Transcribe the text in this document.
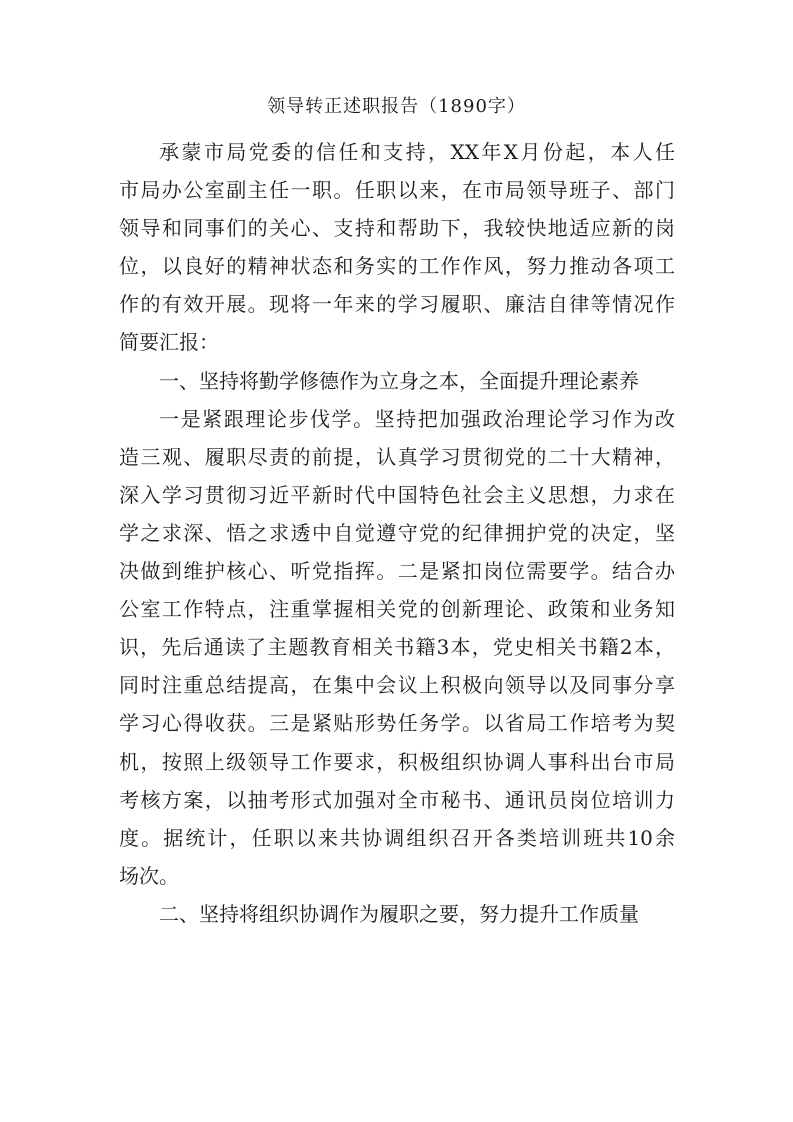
领导转正述职报告（1890字）
承蒙市局党委的信任和支持，XX年X月份起，本人任
市局办公室副主任一职。任职以来，在市局领导班子、部门
领导和同事们的关心、支持和帮助下，我较快地适应新的岗
位，以良好的精神状态和务实的工作作风，努力推动各项工
作的有效开展。现将一年来的学习履职、廉洁自律等情况作
简要汇报：
一、坚持将勤学修德作为立身之本，全面提升理论素养
一是紧跟理论步伐学。坚持把加强政治理论学习作为改
造三观、履职尽责的前提，认真学习贯彻党的二十大精神，
深入学习贯彻习近平新时代中国特色社会主义思想，力求在
学之求深、悟之求透中自觉遵守党的纪律拥护党的决定，坚
决做到维护核心、听党指挥。二是紧扣岗位需要学。结合办
公室工作特点，注重掌握相关党的创新理论、政策和业务知
识，先后通读了主题教育相关书籍3本，党史相关书籍2本，
同时注重总结提高，在集中会议上积极向领导以及同事分享
学习心得收获。三是紧贴形势任务学。以省局工作培考为契
机，按照上级领导工作要求，积极组织协调人事科出台市局
考核方案，以抽考形式加强对全市秘书、通讯员岗位培训力
度。据统计，任职以来共协调组织召开各类培训班共10余
场次。
二、坚持将组织协调作为履职之要，努力提升工作质量
